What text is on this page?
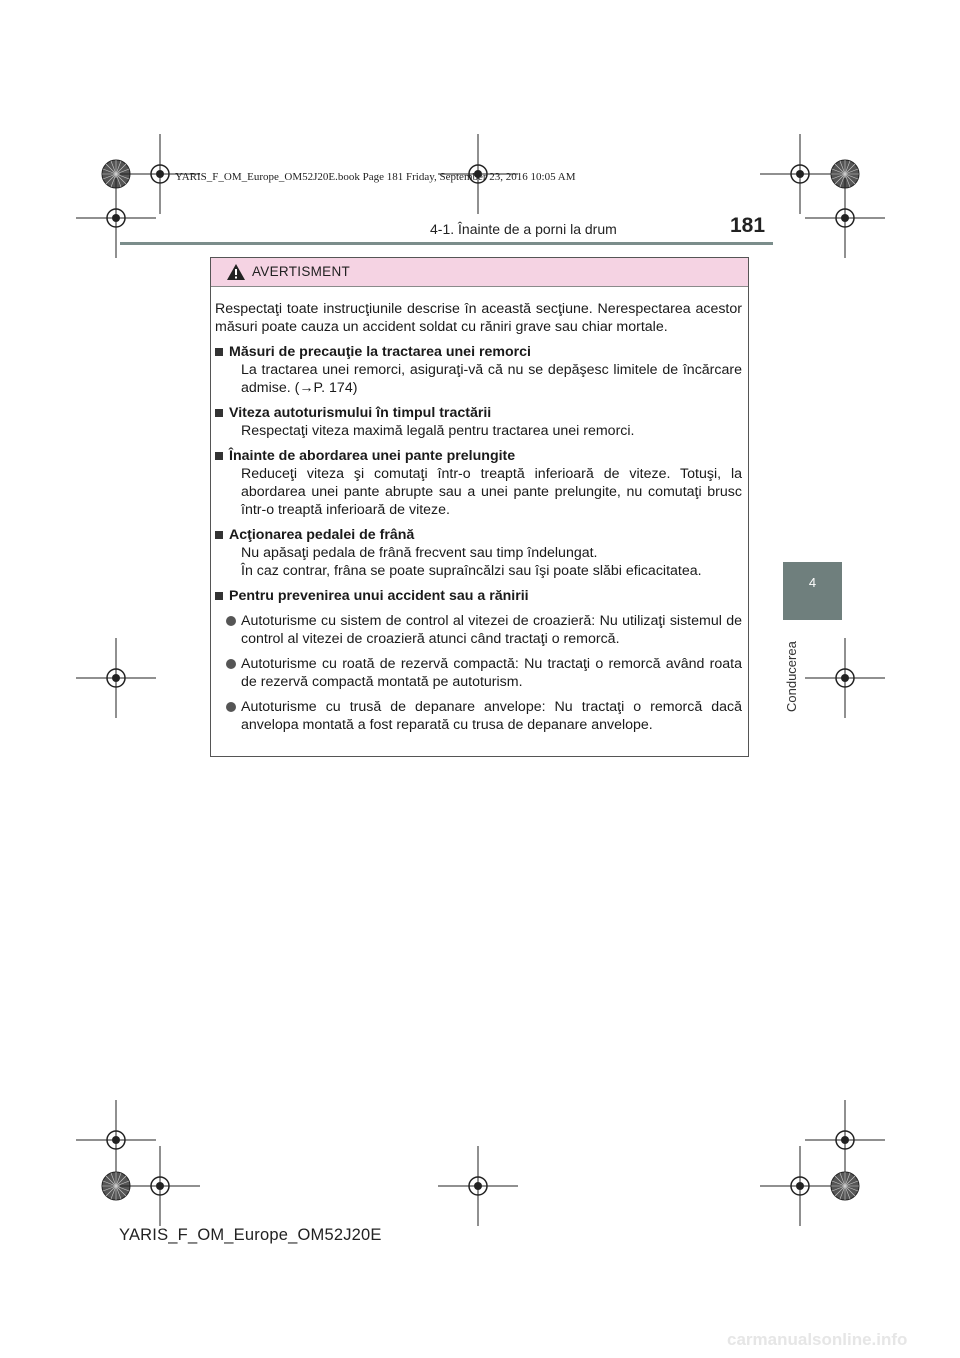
YARIS_F_OM_Europe_OM52J20E.book Page 181 Friday, September 23, 2016 10:05 AM
4-1. Înainte de a porni la drum	181
4
Conducerea
AVERTISMENT

Respectaţi toate instrucţiunile descrise în această secţiune. Nerespectarea acestor măsuri poate cauza un accident soldat cu răniri grave sau chiar mortale.

Măsuri de precauţie la tractarea unei remorci

La tractarea unei remorci, asiguraţi-vă că nu se depăşesc limitele de încărcare admise. (→P. 174)

Viteza autoturismului în timpul tractării

Respectaţi viteza maximă legală pentru tractarea unei remorci.

Înainte de abordarea unei pante prelungite

Reduceţi viteza şi comutaţi într-o treaptă inferioară de viteze. Totuşi, la abordarea unei pante abrupte sau a unei pante prelungite, nu comutaţi brusc într-o treaptă inferioară de viteze.

Acţionarea pedalei de frână

Nu apăsaţi pedala de frână frecvent sau timp îndelungat.

În caz contrar, frâna se poate supraîncălzi sau îşi poate slăbi eficacitatea.

Pentru prevenirea unui accident sau a rănirii

Autoturisme cu sistem de control al vitezei de croazieră: Nu utilizaţi sistemul de control al vitezei de croazieră atunci când tractaţi o remorcă.

Autoturisme cu roată de rezervă compactă: Nu tractaţi o remorcă având roata de rezervă compactă montată pe autoturism.

Autoturisme cu trusă de depanare anvelope: Nu tractaţi o remorcă dacă anvelopa montată a fost reparată cu trusa de depanare anvelope.

YARIS_F_OM_Europe_OM52J20E
carmanualsonline.info
